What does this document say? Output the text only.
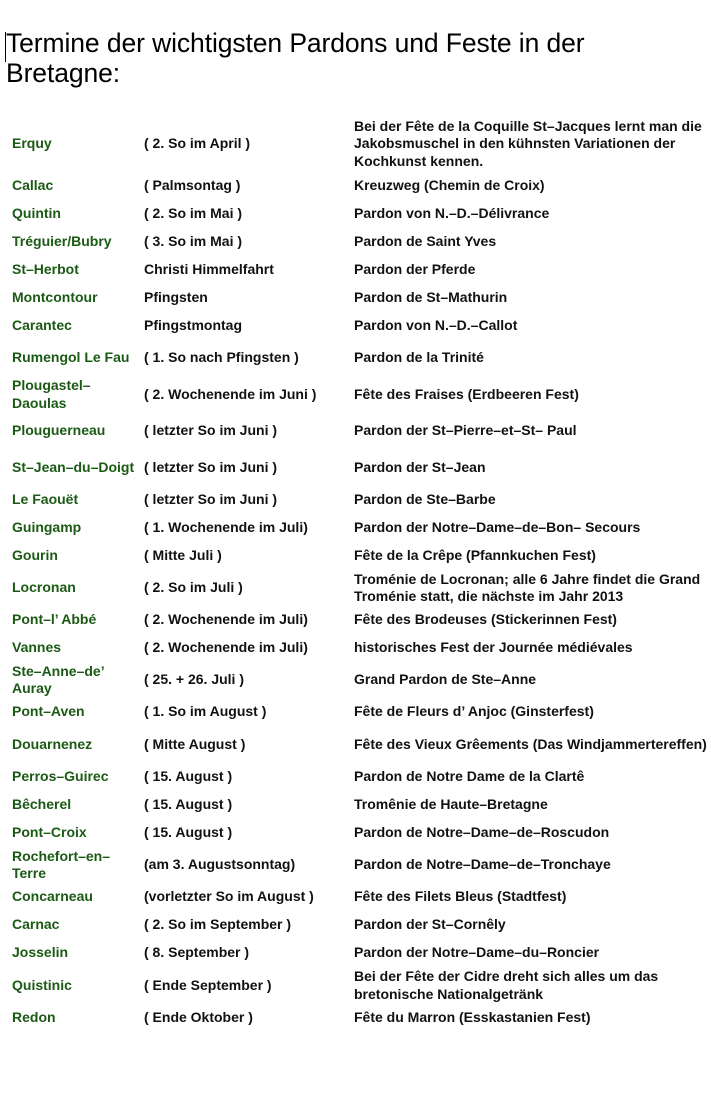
Termine der wichtigsten Pardons und Feste in der Bretagne:
Erquy	( 2. So im April )	Bei der Fête de la Coquille St–Jacques lernt man die Jakobsmuschel in den kühnsten Variationen der Kochkunst kennen.
Callac	( Palmsontag )	Kreuzweg (Chemin de Croix)
Quintin	( 2. So im Mai )	Pardon von N.–D.–Délivrance
Tréguier/Bubry	( 3. So im Mai )	Pardon de Saint Yves
St–Herbot	Christi Himmelfahrt	Pardon der Pferde
Montcontour	Pfingsten	Pardon de St–Mathurin
Carantec	Pfingstmontag	Pardon von N.–D.–Callot
Rumengol Le Fau	( 1. So nach Pfingsten )	Pardon de la Trinité
Plougastel–Daoulas	( 2. Wochenende im Juni )	Fête des Fraises (Erdbeeren Fest)
Plouguerneau	( letzter So im Juni )	Pardon der St–Pierre–et–St– Paul
St–Jean–du–Doigt	( letzter So im Juni )	Pardon der St–Jean
Le Faouët	( letzter So im Juni )	Pardon de Ste–Barbe
Guingamp	( 1. Wochenende im Juli)	Pardon der Notre–Dame–de–Bon– Secours
Gourin	( Mitte Juli )	Fête de la Crêpe (Pfannkuchen Fest)
Locronan	( 2. So im Juli )	Troménie de Locronan; alle 6 Jahre findet die Grand Troménie statt, die nächste im Jahr 2013
Pont–l’ Abbé	( 2. Wochenende im Juli)	Fête des Brodeuses (Stickerinnen Fest)
Vannes	( 2. Wochenende im Juli)	historisches Fest der Journée médiévales
Ste–Anne–de’ Auray	( 25. + 26. Juli )	Grand Pardon de Ste–Anne
Pont–Aven	( 1. So im August )	Fête de Fleurs d’ Anjoc (Ginsterfest)
Douarnenez	( Mitte August )	Fête des Vieux Grêements (Das Windjammertereffen)
Perros–Guirec	( 15. August )	Pardon de Notre Dame de la Clartê
Bêcherel	( 15. August )	Tromênie de Haute–Bretagne
Pont–Croix	( 15. August )	Pardon de Notre–Dame–de–Roscudon
Rochefort–en–Terre	(am 3. Augustsonntag)	Pardon de Notre–Dame–de–Tronchaye
Concarneau	(vorletzter So im August )	Fête des Filets Bleus (Stadtfest)
Carnac	( 2. So im September )	Pardon der St–Cornêly
Josselin	( 8. September )	Pardon der Notre–Dame–du–Roncier
Quistinic	( Ende September )	Bei der Fête der Cidre dreht sich alles um das bretonische Nationalgetränk
Redon	( Ende Oktober )	Fête du Marron (Esskastanien Fest)
